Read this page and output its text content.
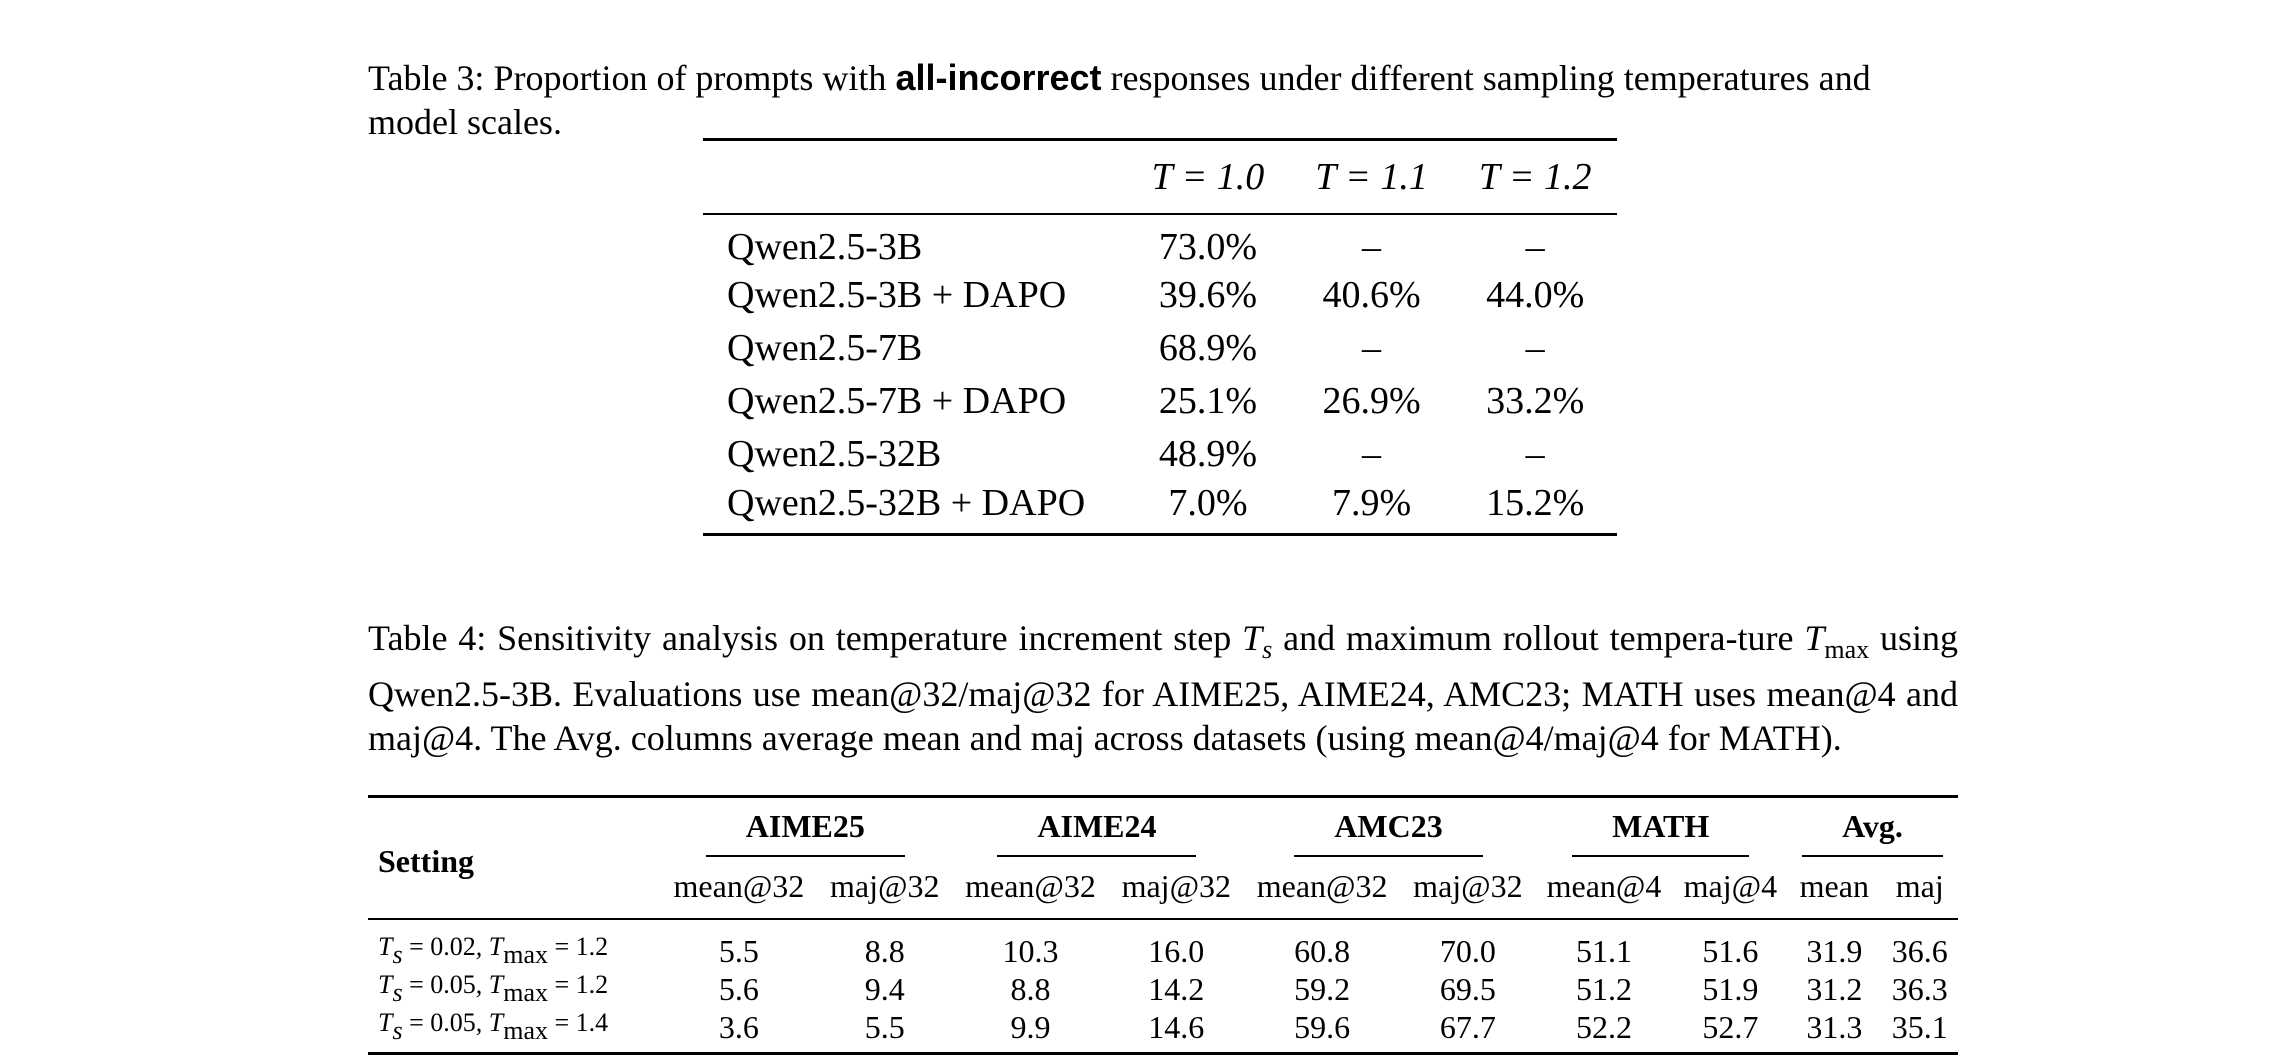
Table 3: Proportion of prompts with all-incorrect responses under different sampling temperatures and model scales.
	T = 1.0	T = 1.1	T = 1.2
Qwen2.5-3B	73.0%	–	–
Qwen2.5-3B + DAPO	39.6%	40.6%	44.0%
Qwen2.5-7B	68.9%	–	–
Qwen2.5-7B + DAPO	25.1%	26.9%	33.2%
Qwen2.5-32B	48.9%	–	–
Qwen2.5-32B + DAPO	7.0%	7.9%	15.2%
Table 4: Sensitivity analysis on temperature increment step $T_s$ and maximum rollout tempera-ture $T_{max}$ using Qwen2.5-3B. Evaluations use mean@32/maj@32 for AIME25, AIME24, AMC23; MATH uses mean@4 and maj@4. The Avg. columns average mean and maj across datasets (using mean@4/maj@4 for MATH).
Setting	AIME25		AIME24		AMC23		MATH		Avg.	
	mean@32	maj@32	mean@32	maj@32	mean@32	maj@32	mean@4	maj@4	mean	maj
Ts = 0.02, Tmax = 1.2	5.5	8.8	10.3	16.0	60.8	70.0	51.1	51.6	31.9	36.6
Ts = 0.05, Tmax = 1.2	5.6	9.4	8.8	14.2	59.2	69.5	51.2	51.9	31.2	36.3
Ts = 0.05, Tmax = 1.4	3.6	5.5	9.9	14.6	59.6	67.7	52.2	52.7	31.3	35.1
